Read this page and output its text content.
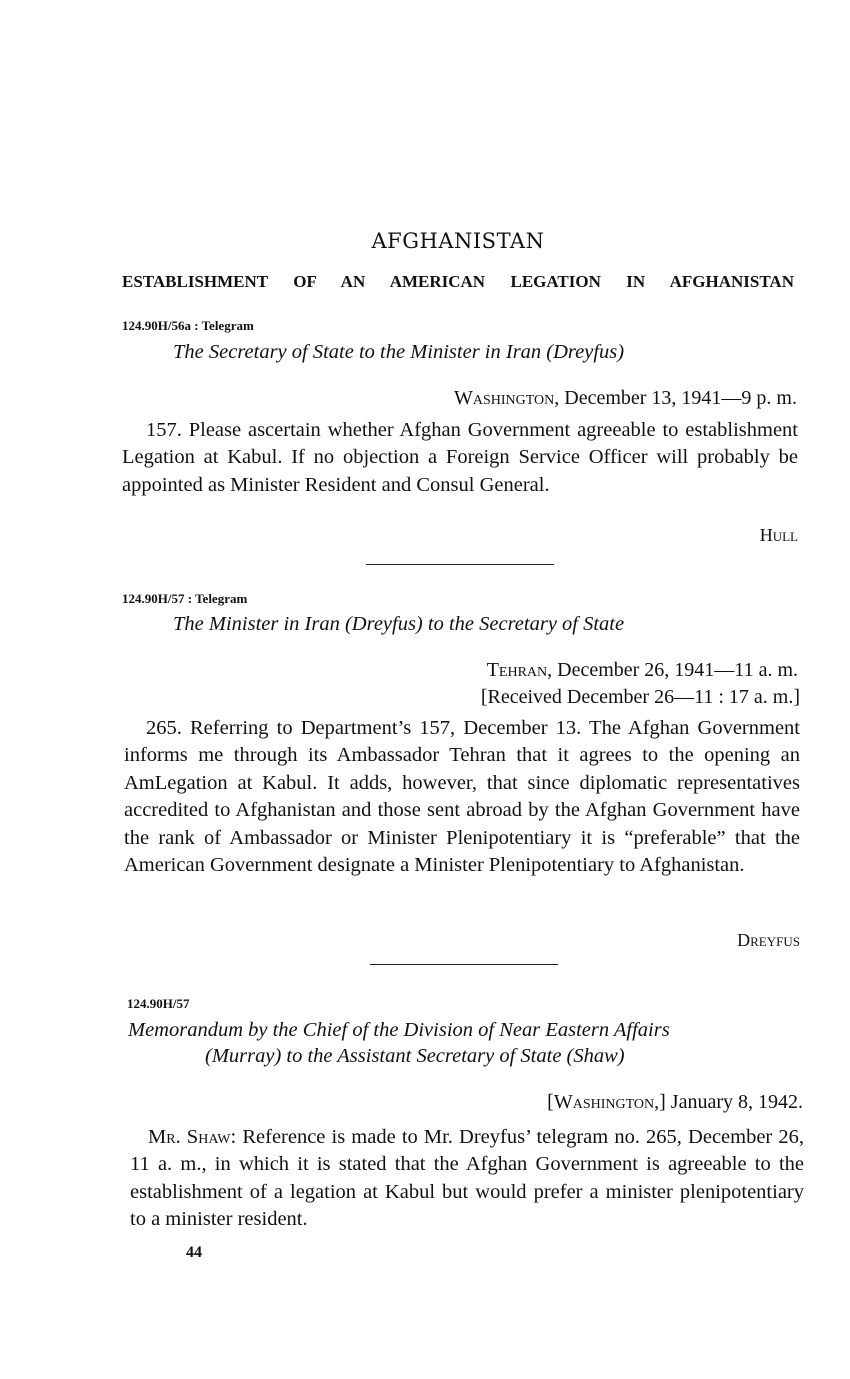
AFGHANISTAN
ESTABLISHMENT OF AN AMERICAN LEGATION IN AFGHANISTAN
124.90H/56a : Telegram
The Secretary of State to the Minister in Iran (Dreyfus)
Washington, December 13, 1941—9 p. m.
157. Please ascertain whether Afghan Government agreeable to establishment Legation at Kabul. If no objection a Foreign Service Officer will probably be appointed as Minister Resident and Consul General.
Hull
124.90H/57 : Telegram
The Minister in Iran (Dreyfus) to the Secretary of State
Tehran, December 26, 1941—11 a. m.
[Received December 26—11 : 17 a. m.]
265. Referring to Department’s 157, December 13. The Afghan Government informs me through its Ambassador Tehran that it agrees to the opening an AmLegation at Kabul. It adds, however, that since diplomatic representatives accredited to Afghanistan and those sent abroad by the Afghan Government have the rank of Ambassador or Minister Plenipotentiary it is “preferable” that the American Government designate a Minister Plenipotentiary to Afghanistan.
Dreyfus
124.90H/57
Memorandum by the Chief of the Division of Near Eastern Affairs
(Murray) to the Assistant Secretary of State (Shaw)
[Washington,] January 8, 1942.
Mr. Shaw: Reference is made to Mr. Dreyfus’ telegram no. 265, December 26, 11 a. m., in which it is stated that the Afghan Government is agreeable to the establishment of a legation at Kabul but would prefer a minister plenipotentiary to a minister resident.
44
